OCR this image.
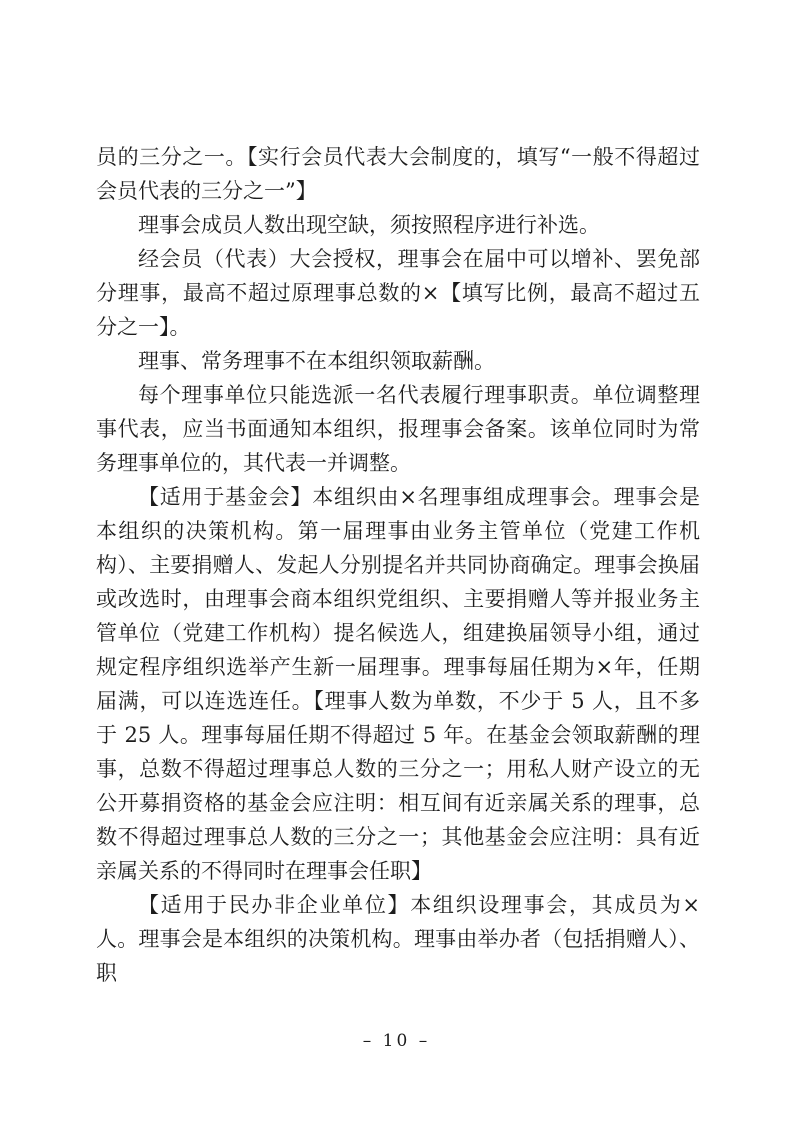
员的三分之一。【实行会员代表大会制度的，填写“一般不得超过会员代表的三分之一”】

理事会成员人数出现空缺，须按照程序进行补选。

经会员（代表）大会授权，理事会在届中可以增补、罢免部分理事，最高不超过原理事总数的×【填写比例，最高不超过五分之一】。

理事、常务理事不在本组织领取薪酬。

每个理事单位只能选派一名代表履行理事职责。单位调整理事代表，应当书面通知本组织，报理事会备案。该单位同时为常务理事单位的，其代表一并调整。

【适用于基金会】本组织由×名理事组成理事会。理事会是本组织的决策机构。第一届理事由业务主管单位（党建工作机构）、主要捐赠人、发起人分别提名并共同协商确定。理事会换届或改选时，由理事会商本组织党组织、主要捐赠人等并报业务主管单位（党建工作机构）提名候选人，组建换届领导小组，通过规定程序组织选举产生新一届理事。理事每届任期为×年，任期届满，可以连选连任。【理事人数为单数，不少于 5 人，且不多于 25 人。理事每届任期不得超过 5 年。在基金会领取薪酬的理事，总数不得超过理事总人数的三分之一；用私人财产设立的无公开募捐资格的基金会应注明：相互间有近亲属关系的理事，总数不得超过理事总人数的三分之一；其他基金会应注明：具有近亲属关系的不得同时在理事会任职】

【适用于民办非企业单位】本组织设理事会，其成员为×人。理事会是本组织的决策机构。理事由举办者（包括捐赠人）、职

– 10 –
